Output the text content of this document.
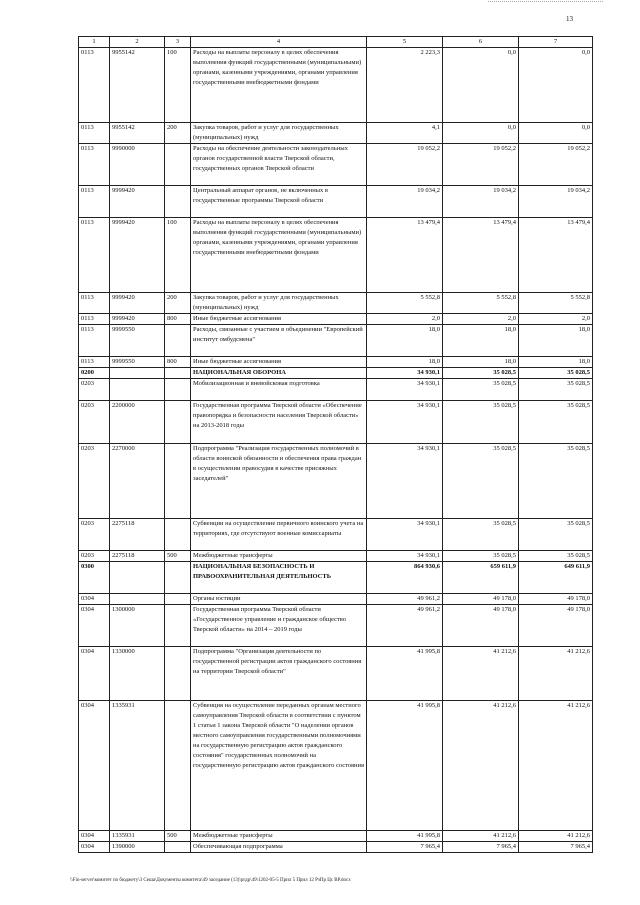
13
1	2	3	4	5	6	7
0113	9955142	100	Расходы на выплаты персоналу в целях обеспечения выполнения функций государственными (муниципальными) органами, казенными учреждениями, органами управления государственными внебюджетными фондами	2 223,3	0,0	0,0
0113	9955142	200	Закупка товаров, работ и услуг для государственных (муниципальных) нужд	4,1	0,0	0,0
0113	9990000		Расходы на обеспечение деятельности законодательных органов государственной власти Тверской области, государственных органов Тверской области	19 052,2	19 052,2	19 052,2
0113	9999420		Центральный аппарат органов, не включенных в государственные программы Тверской области	19 034,2	19 034,2	19 034,2
0113	9999420	100	Расходы на выплаты персоналу в целях обеспечения выполнения функций государственными (муниципальными) органами, казенными учреждениями, органами управления государственными внебюджетными фондами	13 479,4	13 479,4	13 479,4
0113	9999420	200	Закупка товаров, работ и услуг для государственных (муниципальных) нужд	5 552,8	5 552,8	5 552,8
0113	9999420	800	Иные бюджетные ассигнования	2,0	2,0	2,0
0113	9999550		Расходы, связанные с участием в объединении "Европейский институт омбудсмена"	18,0	18,0	18,0
0113	9999550	800	Иные бюджетные ассигнования	18,0	18,0	18,0
0200			НАЦИОНАЛЬНАЯ ОБОРОНА	34 930,1	35 028,5	35 028,5
0203			Мобилизационная и вневойсковая подготовка	34 930,1	35 028,5	35 028,5
0203	2200000		Государственная программа Тверской области «Обеспечение правопорядка и безопасности населения Тверской области» на 2013-2018 годы	34 930,1	35 028,5	35 028,5
0203	2270000		Подпрограмма "Реализация государственных полномочий в области воинской обязанности и обеспечения права граждан в осуществлении правосудия в качестве присяжных заседателей"	34 930,1	35 028,5	35 028,5
0203	2275118		Субвенции на осуществление первичного воинского учета на территориях, где отсутствуют военные комиссариаты	34 930,1	35 028,5	35 028,5
0203	2275118	500	Межбюджетные трансферты	34 930,1	35 028,5	35 028,5
0300			НАЦИОНАЛЬНАЯ БЕЗОПАСНОСТЬ И ПРАВООХРАНИТЕЛЬНАЯ ДЕЯТЕЛЬНОСТЬ	864 930,6	659 611,9	649 611,9
0304			Органы юстиции	49 961,2	49 178,0	49 178,0
0304	1300000		Государственная программа Тверской области «Государственное управление и гражданское общество Тверской области» на 2014 – 2019 годы	49 961,2	49 178,0	49 178,0
0304	1330000		Подпрограмма "Организация деятельности по государственной регистрации актов гражданского состояния на территории Тверской области"	41 995,8	41 212,6	41 212,6
0304	1335931		Субвенция на осуществление переданных органам местного самоуправления Тверской области в соответствии с пунктом 1 статьи 1 закона Тверской области "О наделении органов местного самоуправления государственными полномочиями на государственную регистрацию актов гражданского состояния" государственных полномочий на государственную регистрацию актов гражданского состояния	41 995,8	41 212,6	41 212,6
0304	1335931	500	Межбюджетные трансферты	41 995,8	41 212,6	41 212,6
0304	1390000		Обеспечивающая подпрограмма	7 965,4	7 965,4	7 965,4
\\Fin-server\комитет по бюджету\3 Сеша\Документы комитета\49 заседание (13)\ргдр\49\1202-05-5 Прил 5 Прил 12 РзПр Цс ВР.docx
